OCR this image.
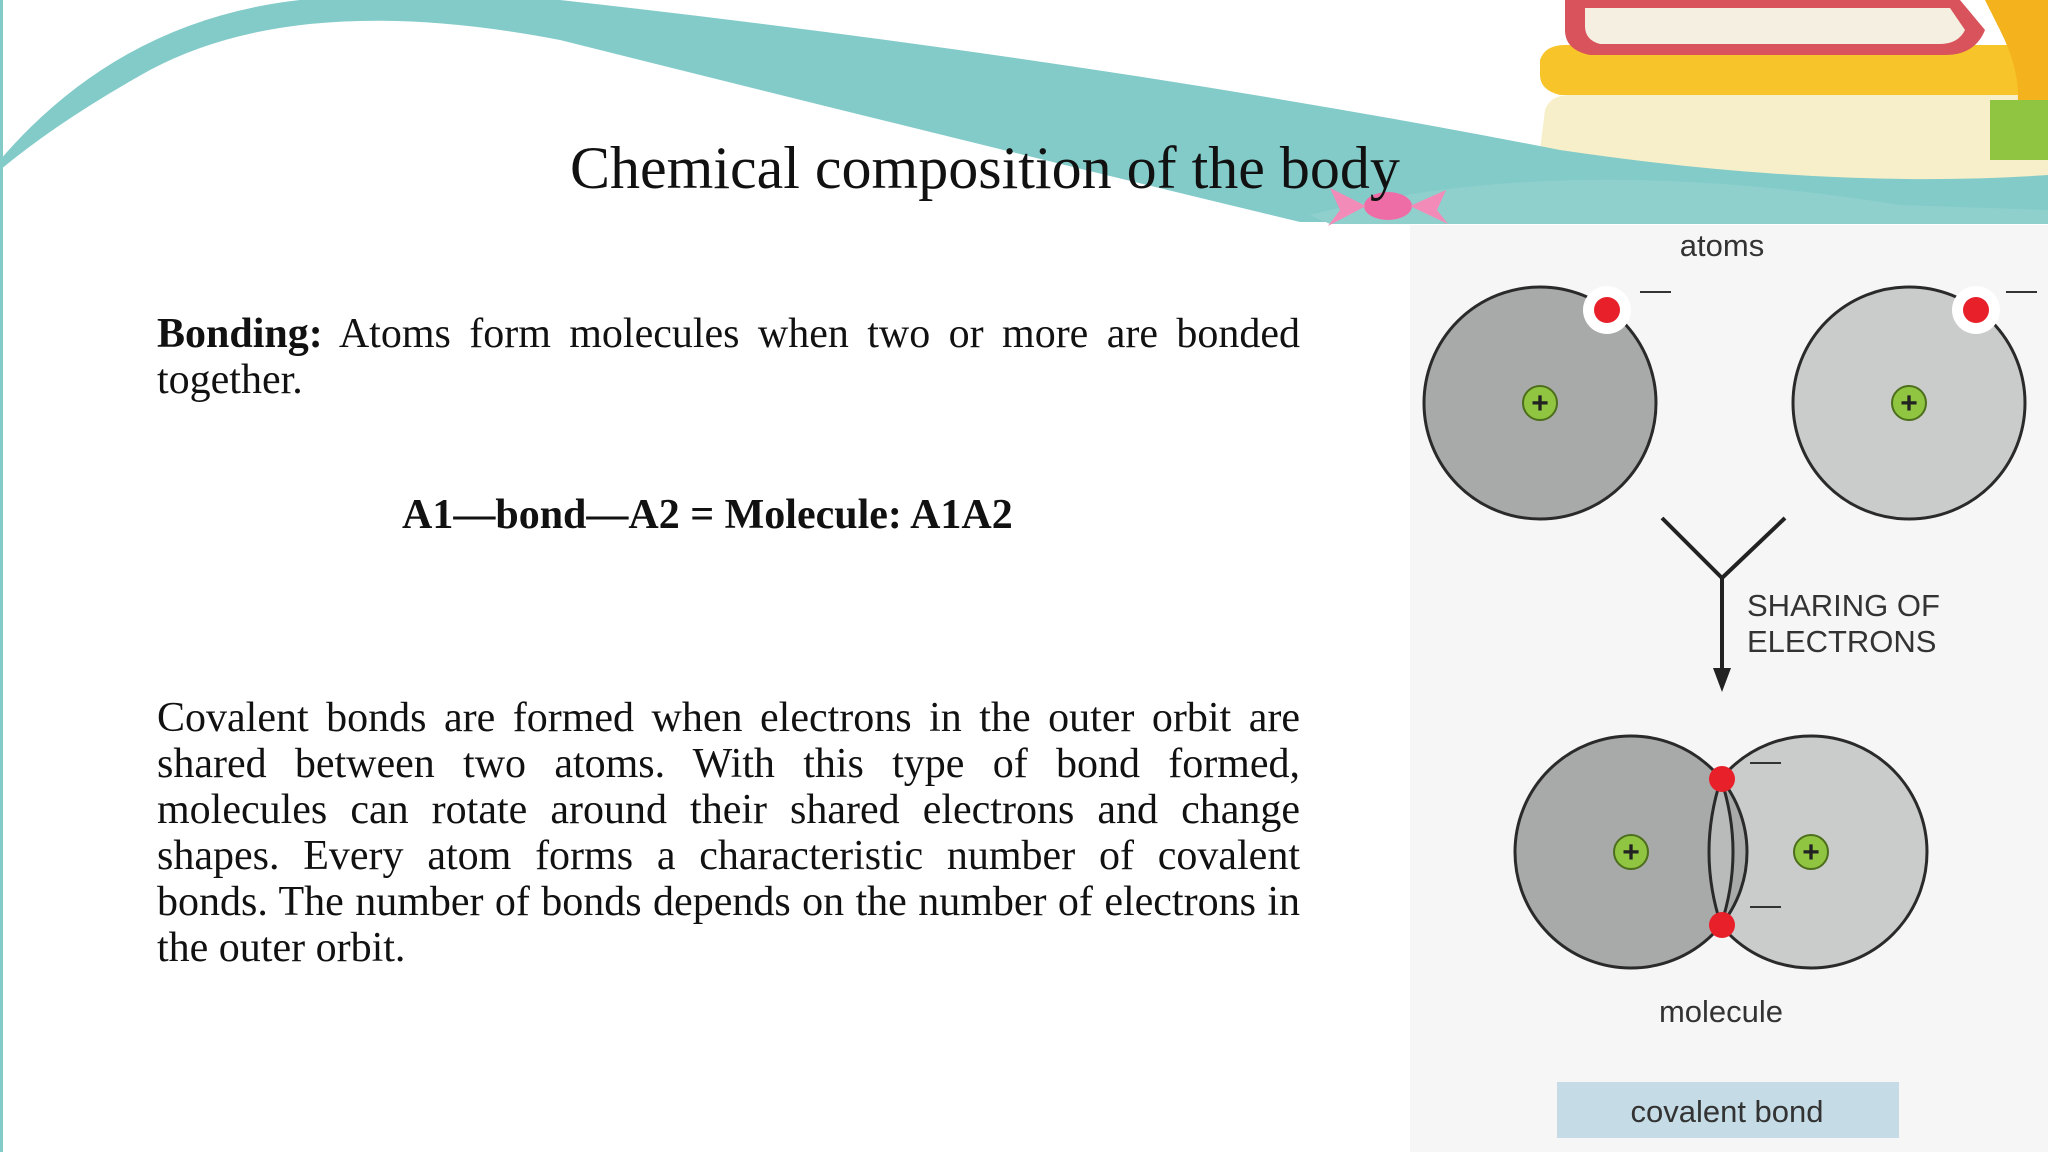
Chemical composition of the body
Bonding: Atoms form molecules when two or more are bonded together.
A1—bond—A2 = Molecule: A1A2
Covalent bonds are formed when electrons in the outer orbit are shared between two atoms. With this type of bond formed, molecules can rotate around their shared electrons and change shapes. Every atom forms a characteristic number of covalent bonds. The number of bonds depends on the number of electrons in the outer orbit.
atoms
—
+
—
+
SHARING OF
ELECTRONS
—
—
+	+
molecule
covalent bond
